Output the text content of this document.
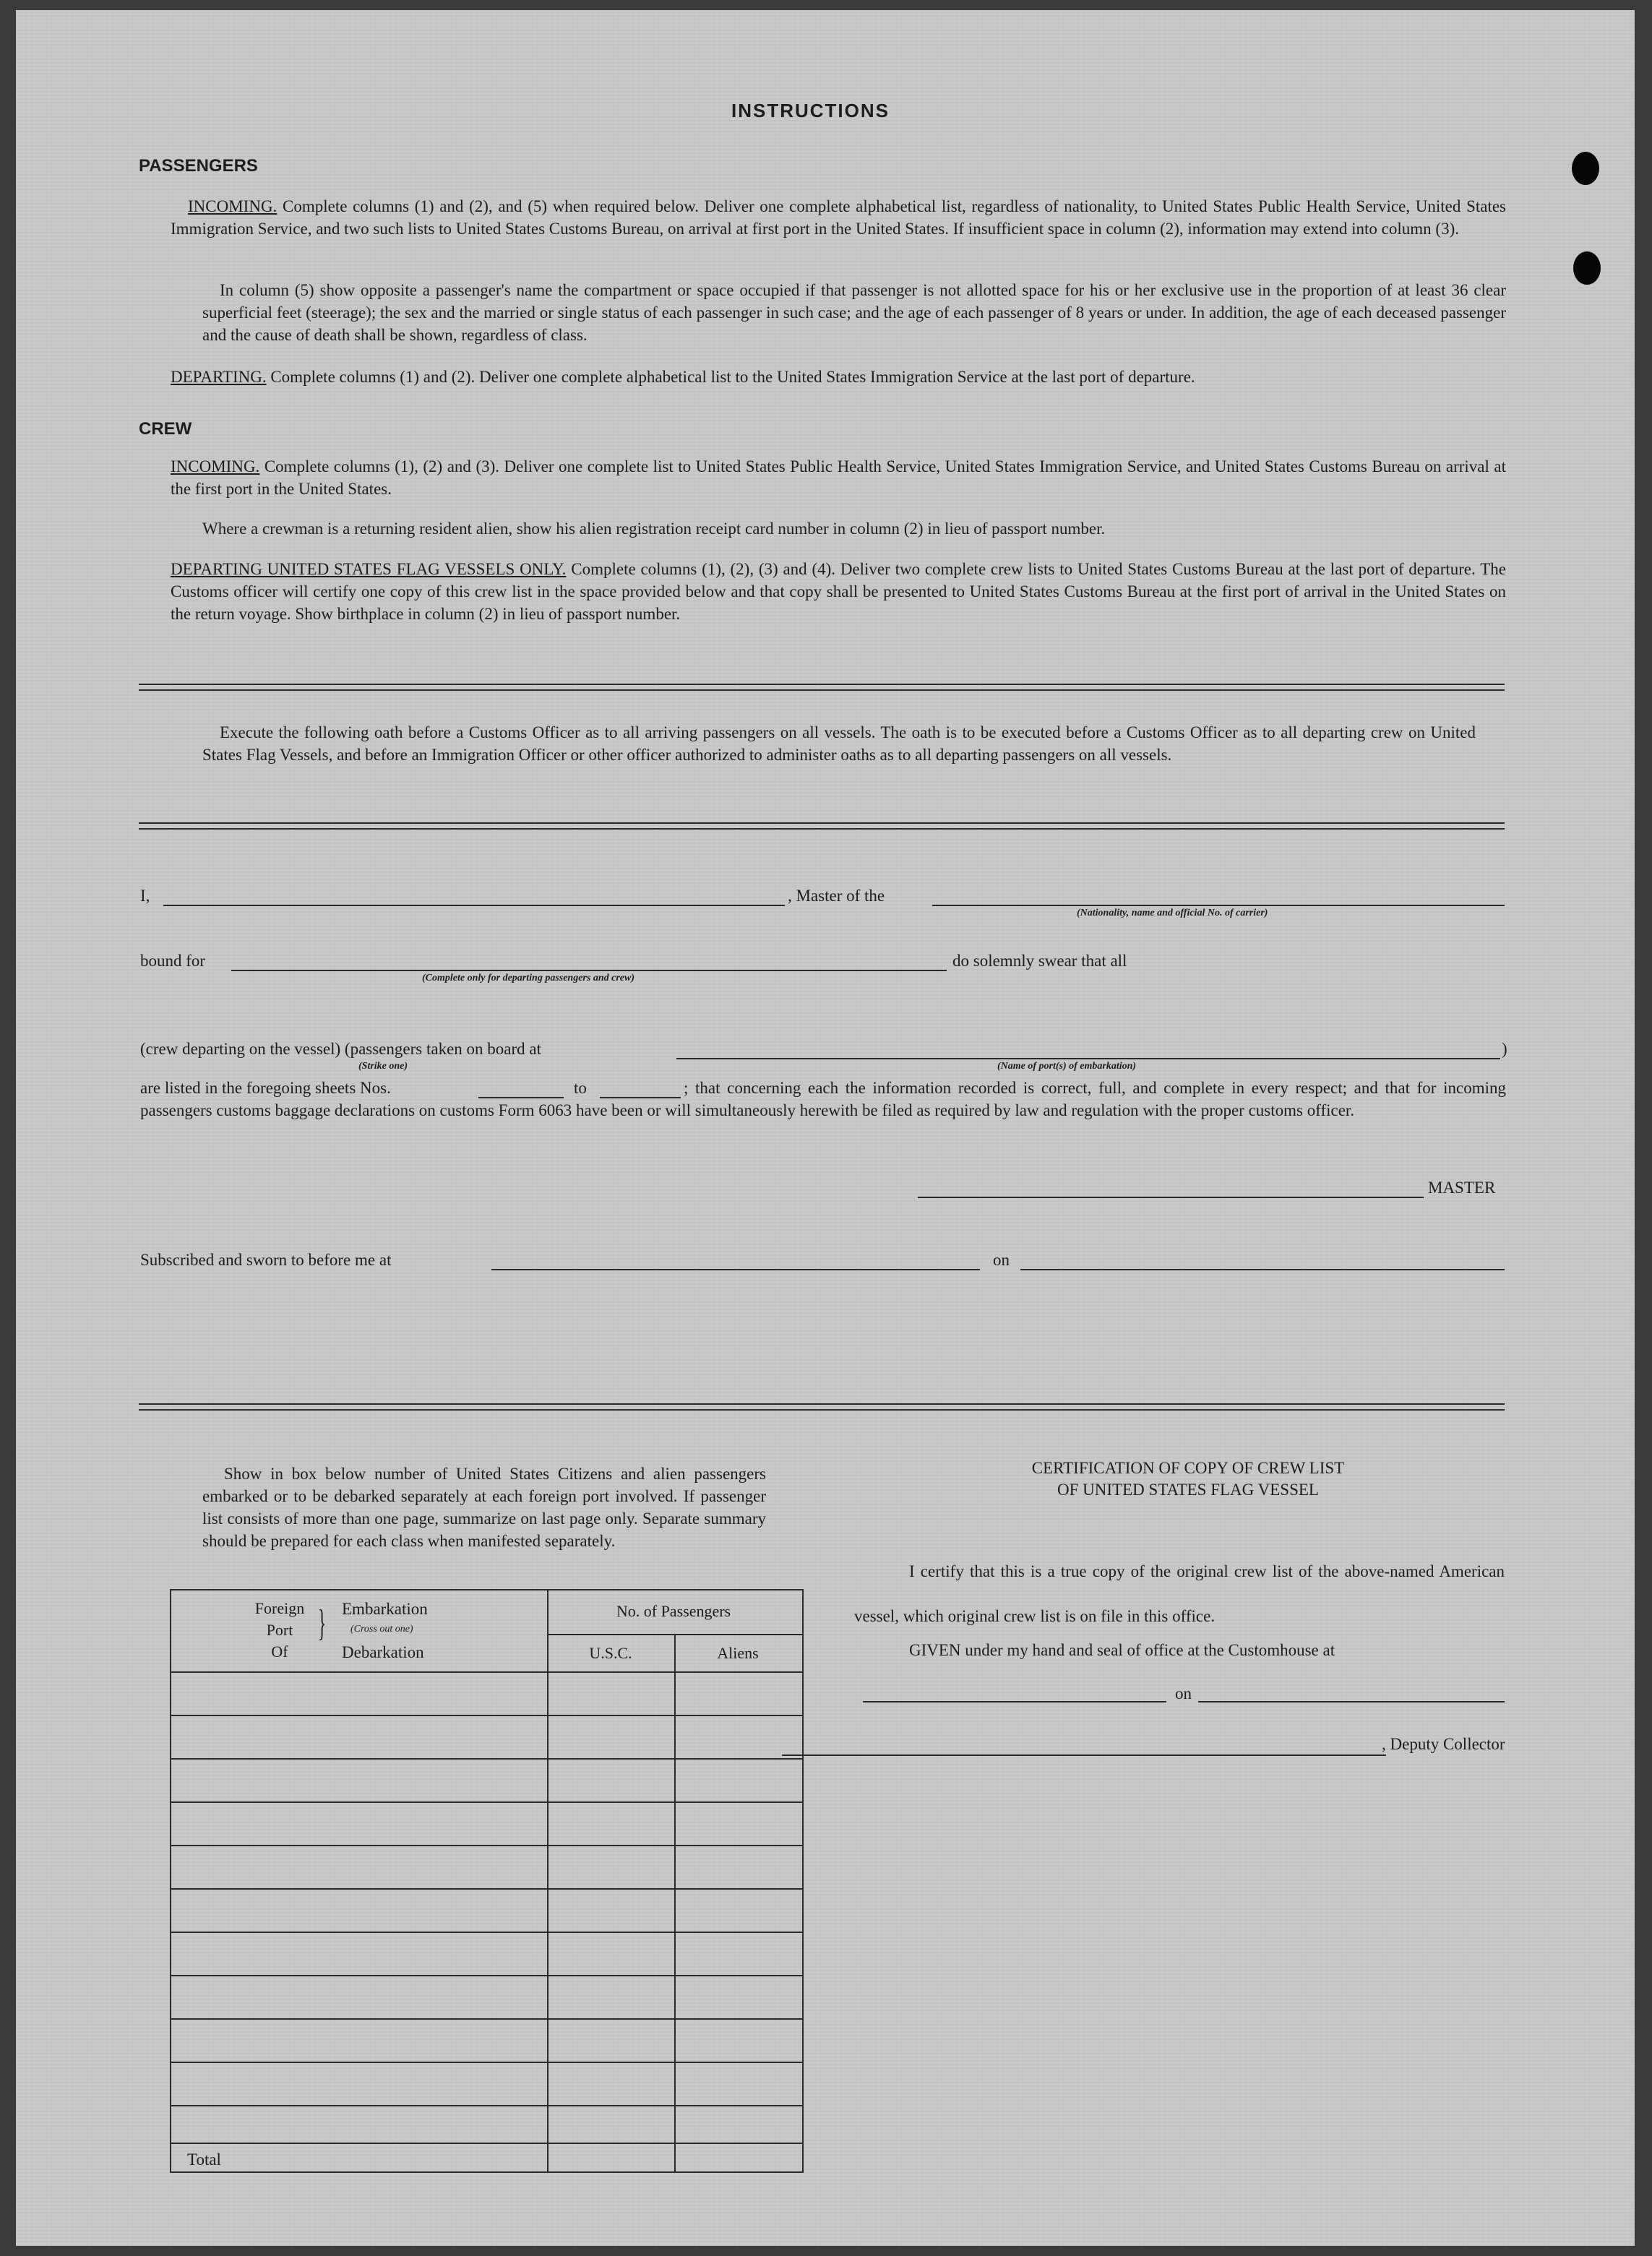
INSTRUCTIONS
PASSENGERS

INCOMING. Complete columns (1) and (2), and (5) when required below. Deliver one complete alphabetical list, regardless of nationality, to United States Public Health Service, United States Immigration Service, and two such lists to United States Customs Bureau, on arrival at first port in the United States. If insufficient space in column (2), information may extend into column (3).

In column (5) show opposite a passenger's name the compartment or space occupied if that passenger is not allotted space for his or her exclusive use in the proportion of at least 36 clear superficial feet (steerage); the sex and the married or single status of each passenger in such case; and the age of each passenger of 8 years or under. In addition, the age of each deceased passenger and the cause of death shall be shown, regardless of class.

DEPARTING. Complete columns (1) and (2). Deliver one complete alphabetical list to the United States Immigration Service at the last port of departure.

CREW

INCOMING. Complete columns (1), (2) and (3). Deliver one complete list to United States Public Health Service, United States Immigration Service, and United States Customs Bureau on arrival at the first port in the United States.

Where a crewman is a returning resident alien, show his alien registration receipt card number in column (2) in lieu of passport number.

DEPARTING UNITED STATES FLAG VESSELS ONLY. Complete columns (1), (2), (3) and (4). Deliver two complete crew lists to United States Customs Bureau at the last port of departure. The Customs officer will certify one copy of this crew list in the space provided below and that copy shall be presented to United States Customs Bureau at the first port of arrival in the United States on the return voyage. Show birthplace in column (2) in lieu of passport number.

Execute the following oath before a Customs Officer as to all arriving passengers on all vessels. The oath is to be executed before a Customs Officer as to all departing crew on United States Flag Vessels, and before an Immigration Officer or other officer authorized to administer oaths as to all departing passengers on all vessels.

I,	, Master of the
(Nationality, name and official No. of carrier)
bound for
(Complete only for departing passengers and crew)
do solemnly swear that all
(crew departing on the vessel) (passengers taken on board at	)
(Strike one)	(Name of port(s) of embarkation)
are listed in the foregoing sheets Nos.	to	; that concerning each the information recorded is correct, full, and complete in every respect; and that for incoming passengers customs baggage declarations on customs Form 6063 have been or will simultaneously herewith be filed as required by law and regulation with the proper customs officer.

MASTER
Subscribed and sworn to before me at	on

Show in box below number of United States Citizens and alien passengers embarked or to be debarked separately at each foreign port involved. If passenger list consists of more than one page, summarize on last page only. Separate summary should be prepared for each class when manifested separately.

Foreign
Port
Of
} Embarkation
(Cross out one)
Debarkation
No. of Passengers
U.S.C.	Aliens
Total
CERTIFICATION OF COPY OF CREW LIST
OF UNITED STATES FLAG VESSEL

I certify that this is a true copy of the original crew list of the above-named American vessel, which original crew list is on file in this office.

GIVEN under my hand and seal of office at the Customhouse at
on
, Deputy Collector
